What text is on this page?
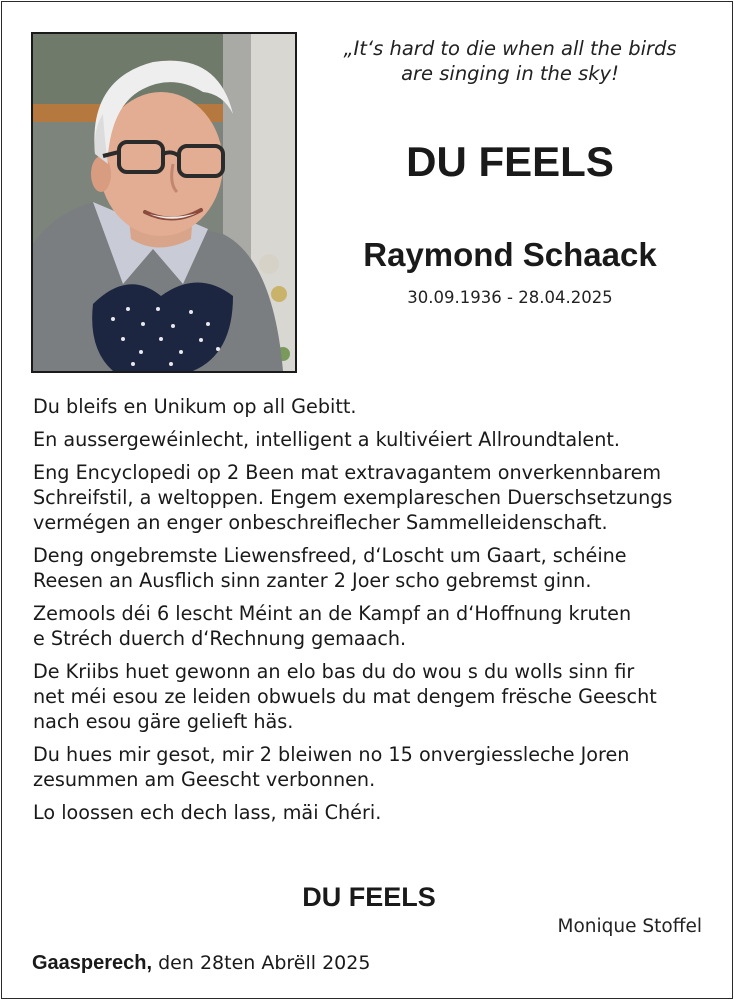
„It‘s hard to die when all the birds
are singing in the sky!
DU FEELS
Raymond Schaack
30.09.1936 - 28.04.2025
Du bleifs en Unikum op all Gebitt.
En aussergewéinlecht, intelligent a kultivéiert Allroundtalent.
Eng Encyclopedi op 2 Been mat extravagantem onverkennbarem
Schreifstil, a weltoppen. Engem exemplareschen Duerschsetzungs
vermégen an enger onbeschreiflecher Sammelleidenschaft.
Deng ongebremste Liewensfreed, d‘Loscht um Gaart, schéine
Reesen an Ausflich sinn zanter 2 Joer scho gebremst ginn.
Zemools déi 6 lescht Méint an de Kampf an d‘Hoffnung kruten
e Stréch duerch d‘Rechnung gemaach.
De Kriibs huet gewonn an elo bas du do wou s du wolls sinn fir
net méi esou ze leiden obwuels du mat dengem frësche Geescht
nach esou gäre gelieft häs.
Du hues mir gesot, mir 2 bleiwen no 15 onvergiessleche Joren
zesummen am Geescht verbonnen.
Lo loossen ech dech lass, mäi Chéri.
DU FEELS
Monique Stoffel
Gaasperech, den 28ten Abrëll 2025
